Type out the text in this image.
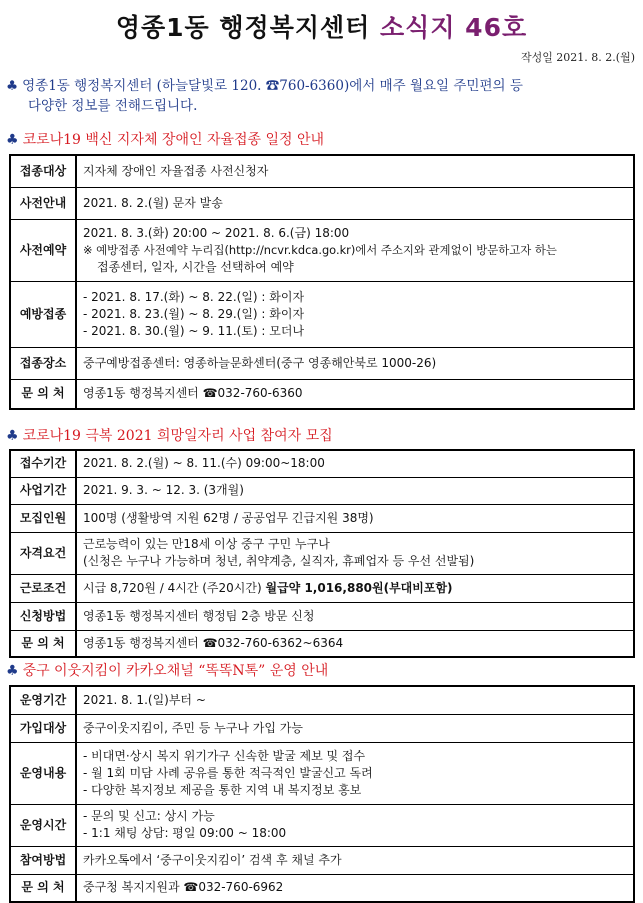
영종1동 행정복지센터 소식지 46호
작성일 2021. 8. 2.(월)
♣ 영종1동 행정복지센터 (하늘달빛로 120. ☎760-6360)에서 매주 월요일 주민편의 등
다양한 정보를 전해드립니다.
♣ 코로나19 백신 지자체 장애인 자율접종 일정 안내
접종대상	지자체 장애인 자율접종 사전신청자

사전안내	2021. 8. 2.(월) 문자 발송

사전예약	2021. 8. 3.(화) 20:00 ~ 2021. 8. 6.(금) 18:00
※ 예방접종 사전예약 누리집(http://ncvr.kdca.go.kr)에서 주소지와 관계없이 방문하고자 하는
접종센터, 일자, 시간을 선택하여 예약

예방접종	- 2021. 8. 17.(화) ~ 8. 22.(일) : 화이자
- 2021. 8. 23.(월) ~ 8. 29.(일) : 화이자
- 2021. 8. 30.(월) ~ 9. 11.(토) : 모더나

접종장소	중구예방접종센터: 영종하늘문화센터(중구 영종해안북로 1000-26)

문 의 처	영종1동 행정복지센터 ☎032-760-6360
♣ 코로나19 극복 2021 희망일자리 사업 참여자 모집
접수기간	2021. 8. 2.(월) ~ 8. 11.(수) 09:00~18:00

사업기간	2021. 9. 3. ~ 12. 3. (3개월)

모집인원	100명 (생활방역 지원 62명 / 공공업무 긴급지원 38명)

자격요건	근로능력이 있는 만18세 이상 중구 구민 누구나
(신청은 누구나 가능하며 청년, 취약계층, 실직자, 휴폐업자 등 우선 선발됨)

근로조건	시급 8,720원 / 4시간 (주20시간) 월급약 1,016,880원(부대비포함)

신청방법	영종1동 행정복지센터 행정팀 2층 방문 신청

문 의 처	영종1동 행정복지센터 ☎032-760-6362~6364
♣ 중구 이웃지킴이 카카오채널 “똑똑N톡” 운영 안내
운영기간	2021. 8. 1.(일)부터 ~

가입대상	중구이웃지킴이, 주민 등 누구나 가입 가능

운영내용	- 비대면·상시 복지 위기가구 신속한 발굴 제보 및 접수
- 월 1회 미담 사례 공유를 통한 적극적인 발굴신고 독려
- 다양한 복지정보 제공을 통한 지역 내 복지정보 홍보

운영시간	- 문의 및 신고: 상시 가능
- 1:1 채팅 상담: 평일 09:00 ~ 18:00

참여방법	카카오톡에서 ‘중구이웃지킴이’ 검색 후 채널 추가

문 의 처	중구청 복지지원과 ☎032-760-6962
